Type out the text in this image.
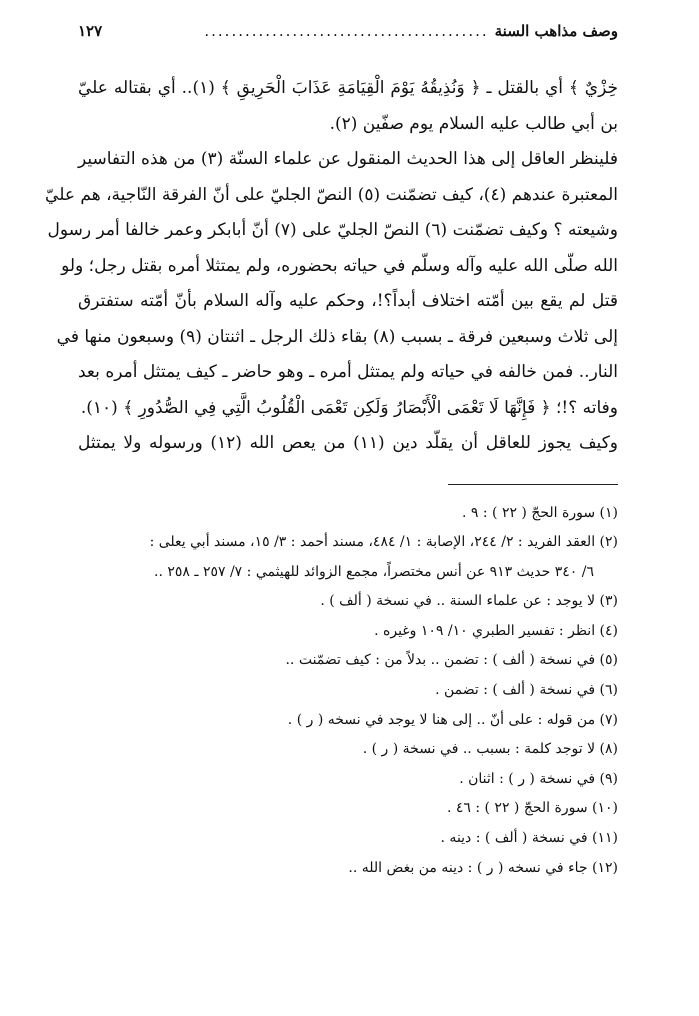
وصف مذاهب السنة
..........................................
١٢٧
خِزْيٌ ﴾ أي بالقتل ـ ﴿ وَنُذِيقُهُ يَوْمَ الْقِيَامَةِ عَذَابَ الْحَرِيقِ ﴾ (١).. أي بقتاله عليّ
بن أبي طالب عليه السلام يوم صفّين (٢).
فلينظر العاقل إلى هذا الحديث المنقول عن علماء السنّة (٣) من هذه التفاسير
المعتبرة عندهم (٤)، كيف تضمّنت (٥) النصّ الجليّ على أنّ الفرقة النّاجية، هم عليّ
وشيعته ؟ وكيف تضمّنت (٦) النصّ الجليّ على (٧) أنّ أبابكر وعمر خالفا أمر رسول
الله صلّى الله عليه وآله وسلّم في حياته بحضوره، ولم يمتثلا أمره بقتل رجل؛ ولو
قتل لم يقع بين أمّته اختلاف أبداً؟!، وحكم عليه وآله السلام بأنّ أمّته ستفترق
إلى ثلاث وسبعين فرقة ـ بسبب (٨) بقاء ذلك الرجل ـ اثنتان (٩) وسبعون منها في
النار.. فمن خالفه في حياته ولم يمتثل أمره ـ وهو حاضر ـ كيف يمتثل أمره بعد
وفاته ؟!؛ ﴿ فَإِنَّهَا لَا تَعْمَى الْأَبْصَارُ وَلَكِن تَعْمَى الْقُلُوبُ الَّتِي فِي الصُّدُورِ ﴾ (١٠).
وكيف يجوز للعاقل أن يقلّد دين (١١) من يعص الله (١٢) ورسوله ولا يمتثل
(١) سورة الحجّ ( ٢٢ ) : ٩ .
(٢) العقد الفريد : ٢/ ٢٤٤، الإصابة : ١/ ٤٨٤، مسند أحمد : ٣/ ١٥، مسند أبي يعلى :
٦/ ٣٤٠ حديث ٩١٣ عن أنس مختصراً، مجمع الزوائد للهيثمي : ٧/ ٢٥٧ ـ ٢٥٨ ..
(٣) لا يوجد : عن علماء السنة .. في نسخة ( ألف ) .
(٤) انظر : تفسير الطبري ١٠/ ١٠٩ وغيره .
(٥) في نسخة ( ألف ) : تضمن .. بدلاً من : كيف تضمّنت ..
(٦) في نسخة ( ألف ) : تضمن .
(٧) من قوله : على أنّ .. إلى هنا لا يوجد في نسخه ( ر ) .
(٨) لا توجد كلمة : بسبب .. في نسخة ( ر ) .
(٩) في نسخة ( ر ) : اثنان .
(١٠) سورة الحجّ ( ٢٢ ) : ٤٦ .
(١١) في نسخة ( ألف ) : دينه .
(١٢) جاء في نسخه ( ر ) : دينه من بغض الله ..
